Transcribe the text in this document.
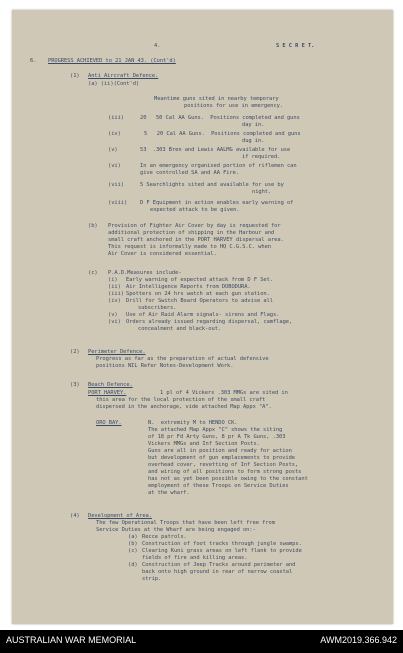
4.	S E C R E T.
6. PROGRESS ACHIEVED to 21 JAN 43. (Cont'd)
(1) Anti Aircraft Defence.
(a) (ii)(Cont'd)
Meantime guns sited in nearby temporary
positions for use in emergency.
(iii)	20   50 Cal AA Guns.  Positions completed and guns
day in.
(iv)	5   20 Cal AA Guns.  Positions completed and guns
dug in.
(v)	53  .303 Bren and Lewis AALMG available for use
if required.
(vi)	In an emergency organised portion of riflemen can
give controlled SA and AA Fire.
(vii)	5 Searchlights sited and available for use by
night.
(viii) D F Equipment in action enables early warning of
expected attack to be given.
(b) Provision of Fighter Air Cover by day is requested for
additional protection of shipping in the Harbour and
small craft anchored in the PORT HARVEY dispersal area.
This request is informally made to HQ C.G.S.C. when
Air Cover is considered essential.
(c) P.A.D.Measures include-
(i) Early warning of expected attack from D F Set.
(ii) Air Intelligence Reports from DOBODURA.
(iii) Spotters on 24 hrs watch at each gun station.
(iv) Drill for Switch Board Operators to advise all
subscribers.
(v) Use of Air Raid Alarm signals- sirens and Flags.
(vi) Orders already issued regarding dispersal, camflage,
concealment and black-out.
(2) Perimeter Defence.
Progress as far as the preparation of actual defensive
positions NIL Refer Notes-Development Work.
(3) Beach Defence.
PORT HARVEY.	1 pl of 4 Vickers .303 MMGs are sited in
this area for the local protection of the small craft
dispersed in the anchorage, vide attached Map Appx "A".
ORO BAY.	N.  extremity M to HENDO CK.
The attached Map Appx "C" shows the siting
of 18 pr Fd Arty Guns, 8 pr A Tk Guns, .303
Vickers MMGs and Inf Section Posts.
Guns are all in position and ready for action
but development of gun emplacements to provide
overhead cover, revetting of Inf Section Posts,
and wiring of all positions to form strong posts
has not as yet been possible owing to the constant
employment of these Troops on Service Duties
at the wharf.
(4) Development of Area.
The few Operational Troops that have been left free from
Service Duties at the Wharf are being engaged on:-
(a) Recce patrols.
(b) Construction of foot tracks through jungle swamps.
(c) Clearing Kuni grass areas on left flank to provide
fields of fire and killing areas.
(d) Construction of Jeep Tracks around perimeter and
back onto high ground in rear of narrow coastal
strip.
AUSTRALIAN WAR MEMORIAL	AWM2019.366.942
